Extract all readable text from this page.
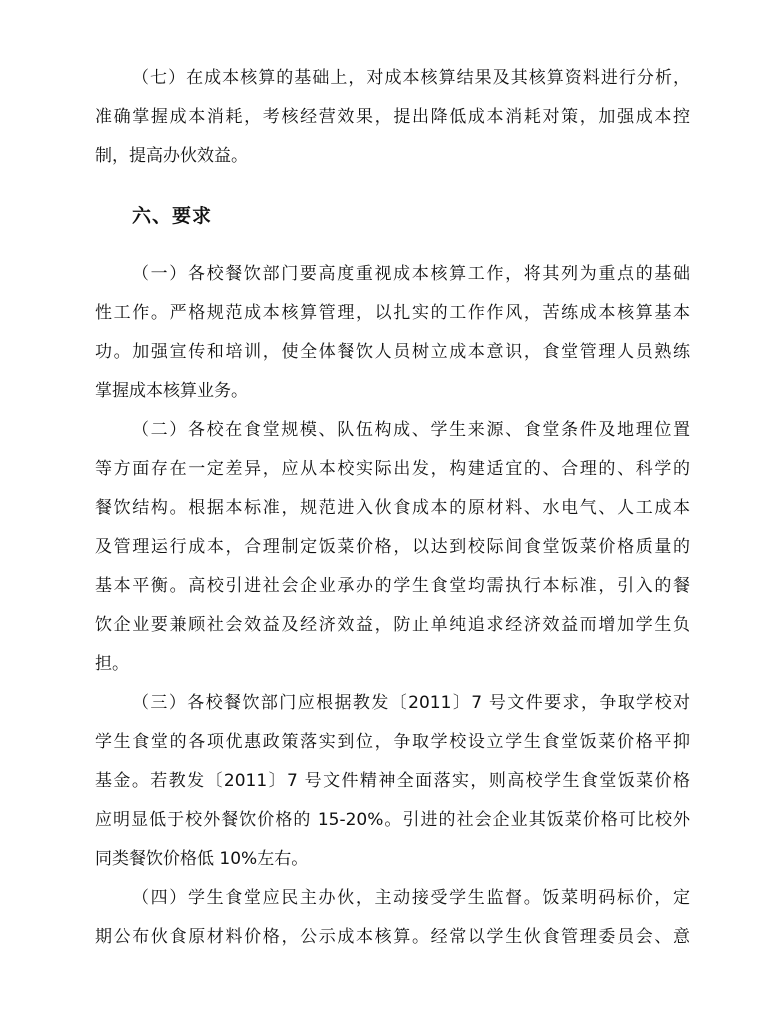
（七）在成本核算的基础上，对成本核算结果及其核算资料进行分析，
准确掌握成本消耗，考核经营效果，提出降低成本消耗对策，加强成本控
制，提高办伙效益。
六、要求
（一）各校餐饮部门要高度重视成本核算工作，将其列为重点的基础
性工作。严格规范成本核算管理，以扎实的工作作风，苦练成本核算基本
功。加强宣传和培训，使全体餐饮人员树立成本意识，食堂管理人员熟练
掌握成本核算业务。
（二）各校在食堂规模、队伍构成、学生来源、食堂条件及地理位置
等方面存在一定差异，应从本校实际出发，构建适宜的、合理的、科学的
餐饮结构。根据本标准，规范进入伙食成本的原材料、水电气、人工成本
及管理运行成本，合理制定饭菜价格，以达到校际间食堂饭菜价格质量的
基本平衡。高校引进社会企业承办的学生食堂均需执行本标准，引入的餐
饮企业要兼顾社会效益及经济效益，防止单纯追求经济效益而增加学生负
担。
（三）各校餐饮部门应根据教发〔2011〕7 号文件要求，争取学校对
学生食堂的各项优惠政策落实到位，争取学校设立学生食堂饭菜价格平抑
基金。若教发〔2011〕7 号文件精神全面落实，则高校学生食堂饭菜价格
应明显低于校外餐饮价格的 15-20%。引进的社会企业其饭菜价格可比校外
同类餐饮价格低 10%左右。
（四）学生食堂应民主办伙，主动接受学生监督。饭菜明码标价，定
期公布伙食原材料价格，公示成本核算。经常以学生伙食管理委员会、意
